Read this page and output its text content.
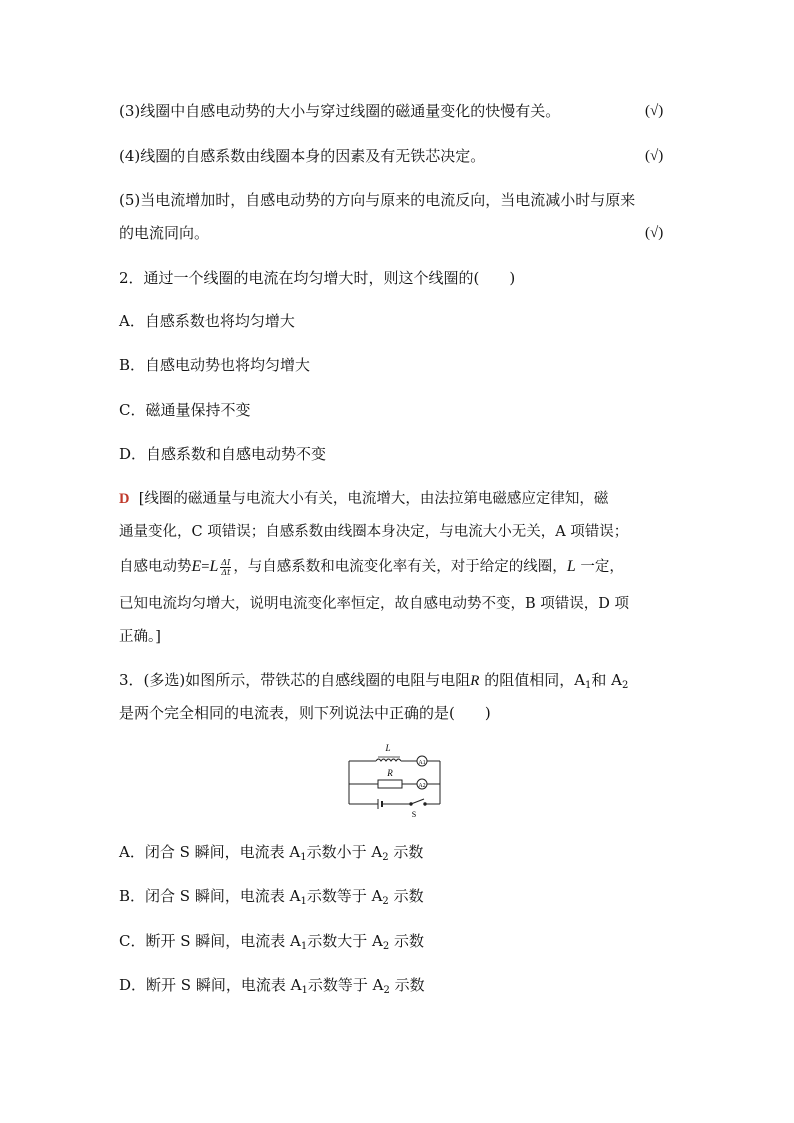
(3)线圈中自感电动势的大小与穿过线圈的磁通量变化的快慢有关。	(√)
(4)线圈的自感系数由线圈本身的因素及有无铁芯决定。	(√)
(5)当电流增加时，自感电动势的方向与原来的电流反向，当电流减小时与原来
的电流同向。	(√)
2．通过一个线圈的电流在均匀增大时，则这个线圈的(　　)
A．自感系数也将均匀增大
B．自感电动势也将均匀增大
C．磁通量保持不变
D．自感系数和自感电动势不变
D [线圈的磁通量与电流大小有关，电流增大，由法拉第电磁感应定律知，磁
通量变化，C 项错误；自感系数由线圈本身决定，与电流大小无关，A 项错误；
自感电动势$E=L \frac{\Delta I}{\Delta t}$ ，与自感系数和电流变化率有关，对于给定的线圈，L 一定，
已知电流均匀增大，说明电流变化率恒定，故自感电动势不变，B 项错误，D 项
正确。]
3．(多选)如图所示，带铁芯的自感线圈的电阻与电阻R 的阻值相同，$A_1$和 $A_2$
是两个完全相同的电流表，则下列说法中正确的是(　　)
L
R
S
A1
A2
A．闭合 S 瞬间，电流表 $A_1$示数小于 $A_2$ 示数
B．闭合 S 瞬间，电流表 $A_1$示数等于 $A_2$ 示数
C．断开 S 瞬间，电流表 $A_1$示数大于 $A_2$ 示数
D．断开 S 瞬间，电流表 $A_1$示数等于 $A_2$ 示数
